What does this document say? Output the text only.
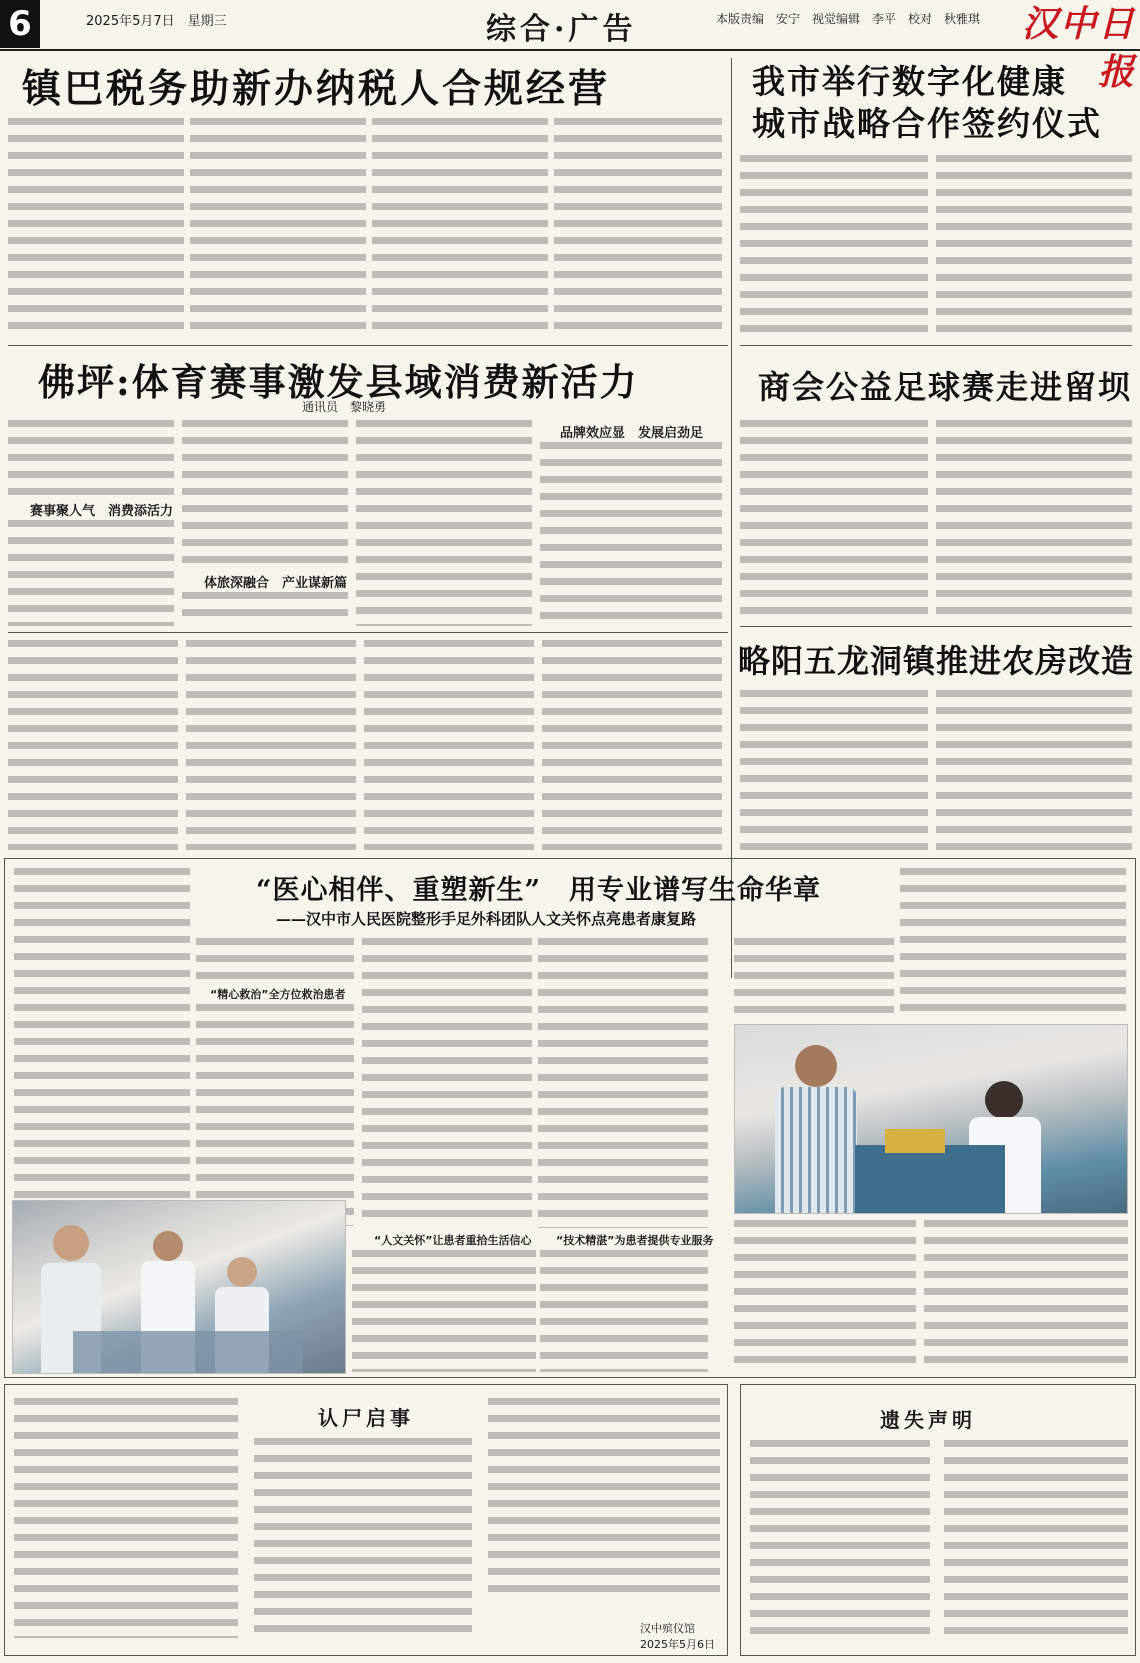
6	2025年5月7日　星期三	综合·广告	本版责编　安宁　视觉编辑　李平　校对　秋雅琪	汉中日报
镇巴税务助新办纳税人合规经营	我市举行数字化健康
城市战略合作签约仪式
佛坪:体育赛事激发县域消费新活力
通讯员　黎晓勇
赛事聚人气　消费添活力
体旅深融合　产业谋新篇
品牌效应显　发展启劲足
商会公益足球赛走进留坝
略阳五龙洞镇推进农房改造
“医心相伴、重塑新生”　用专业谱写生命华章
——汉中市人民医院整形手足外科团队人文关怀点亮患者康复路
“精心救治”全方位救治患者
“人文关怀”让患者重拾生活信心 “技术精湛”为患者提供专业服务
认尸启事
汉中殡仪馆
2025年5月6日
遗失声明
